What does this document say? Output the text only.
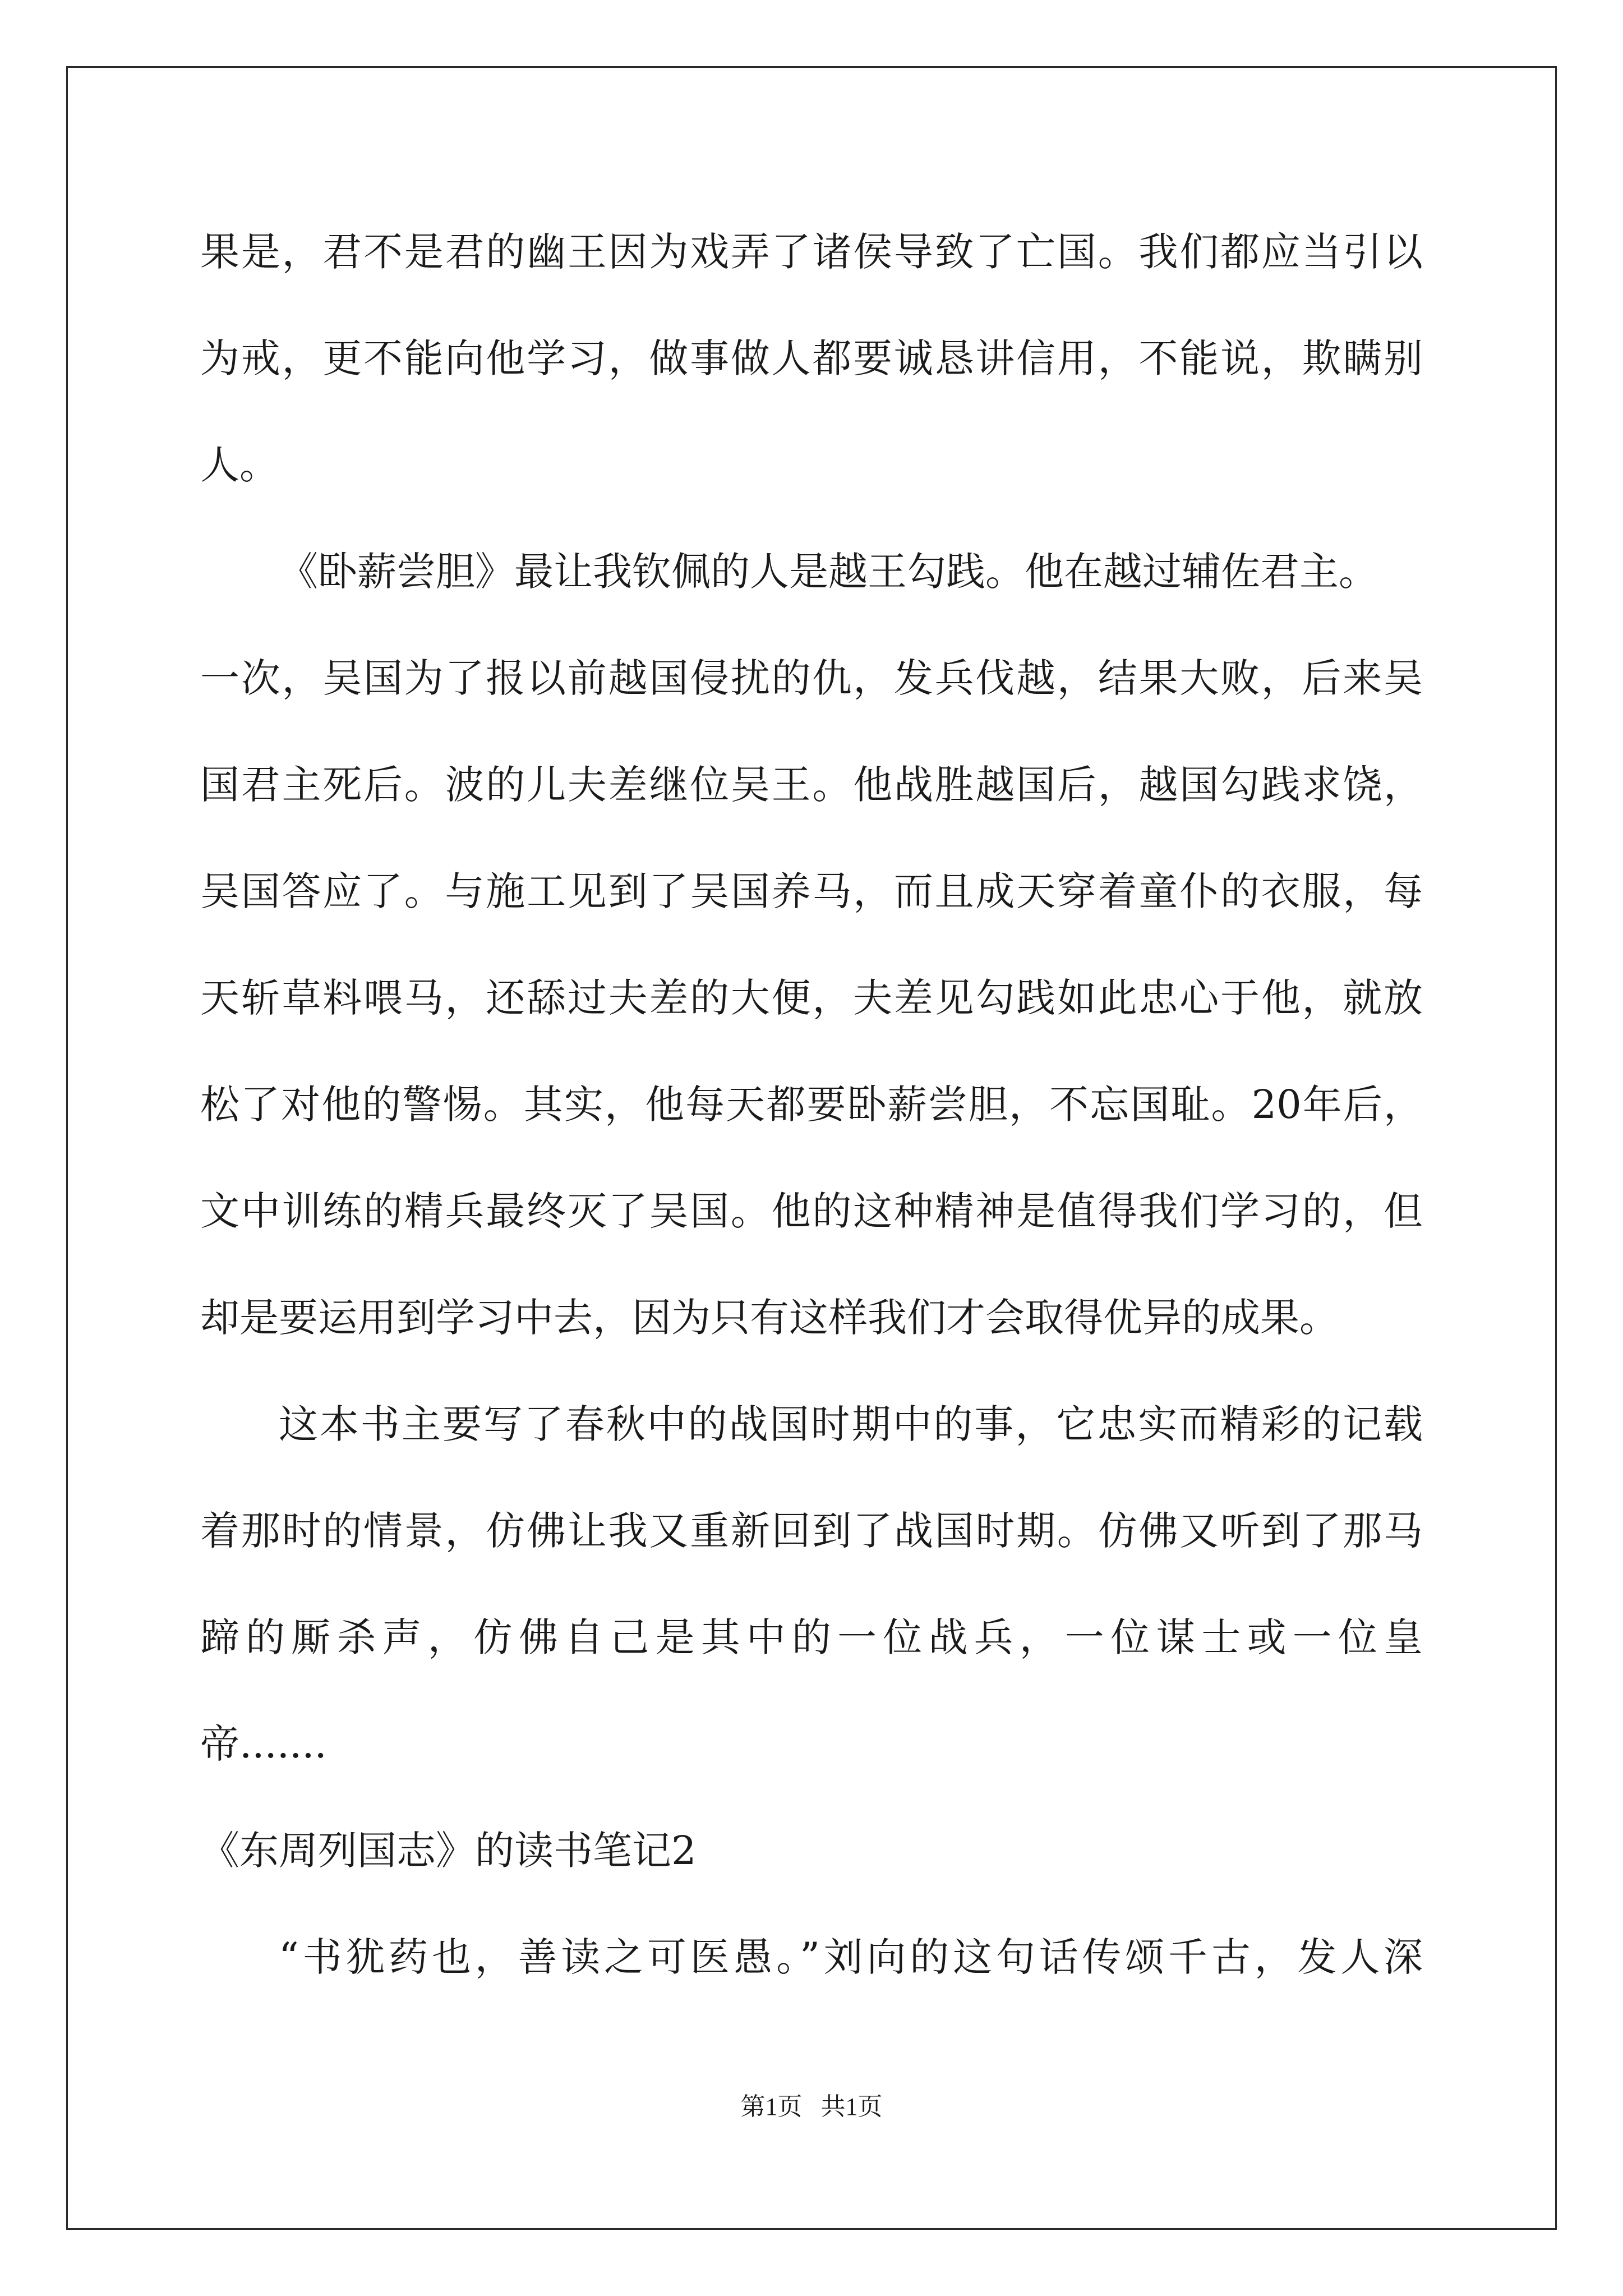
果是，君不是君的幽王因为戏弄了诸侯导致了亡国。我们都应当引以

为戒，更不能向他学习，做事做人都要诚恳讲信用，不能说，欺瞒别

人。

《卧薪尝胆》最让我钦佩的人是越王勾践。他在越过辅佐君主。

一次，吴国为了报以前越国侵扰的仇，发兵伐越，结果大败，后来吴

国君主死后。波的儿夫差继位吴王。他战胜越国后，越国勾践求饶，

吴国答应了。与施工见到了吴国养马，而且成天穿着童仆的衣服，每

天斩草料喂马，还舔过夫差的大便，夫差见勾践如此忠心于他，就放

松了对他的警惕。其实，他每天都要卧薪尝胆，不忘国耻。20年后，

文中训练的精兵最终灭了吴国。他的这种精神是值得我们学习的，但

却是要运用到学习中去，因为只有这样我们才会取得优异的成果。

这本书主要写了春秋中的战国时期中的事，它忠实而精彩的记载

着那时的情景，仿佛让我又重新回到了战国时期。仿佛又听到了那马

蹄的厮杀声，仿佛自己是其中的一位战兵，一位谋士或一位皇

帝.......

《东周列国志》的读书笔记2

“书犹药也，善读之可医愚。”刘向的这句话传颂千古，发人深

第1页   共1页
